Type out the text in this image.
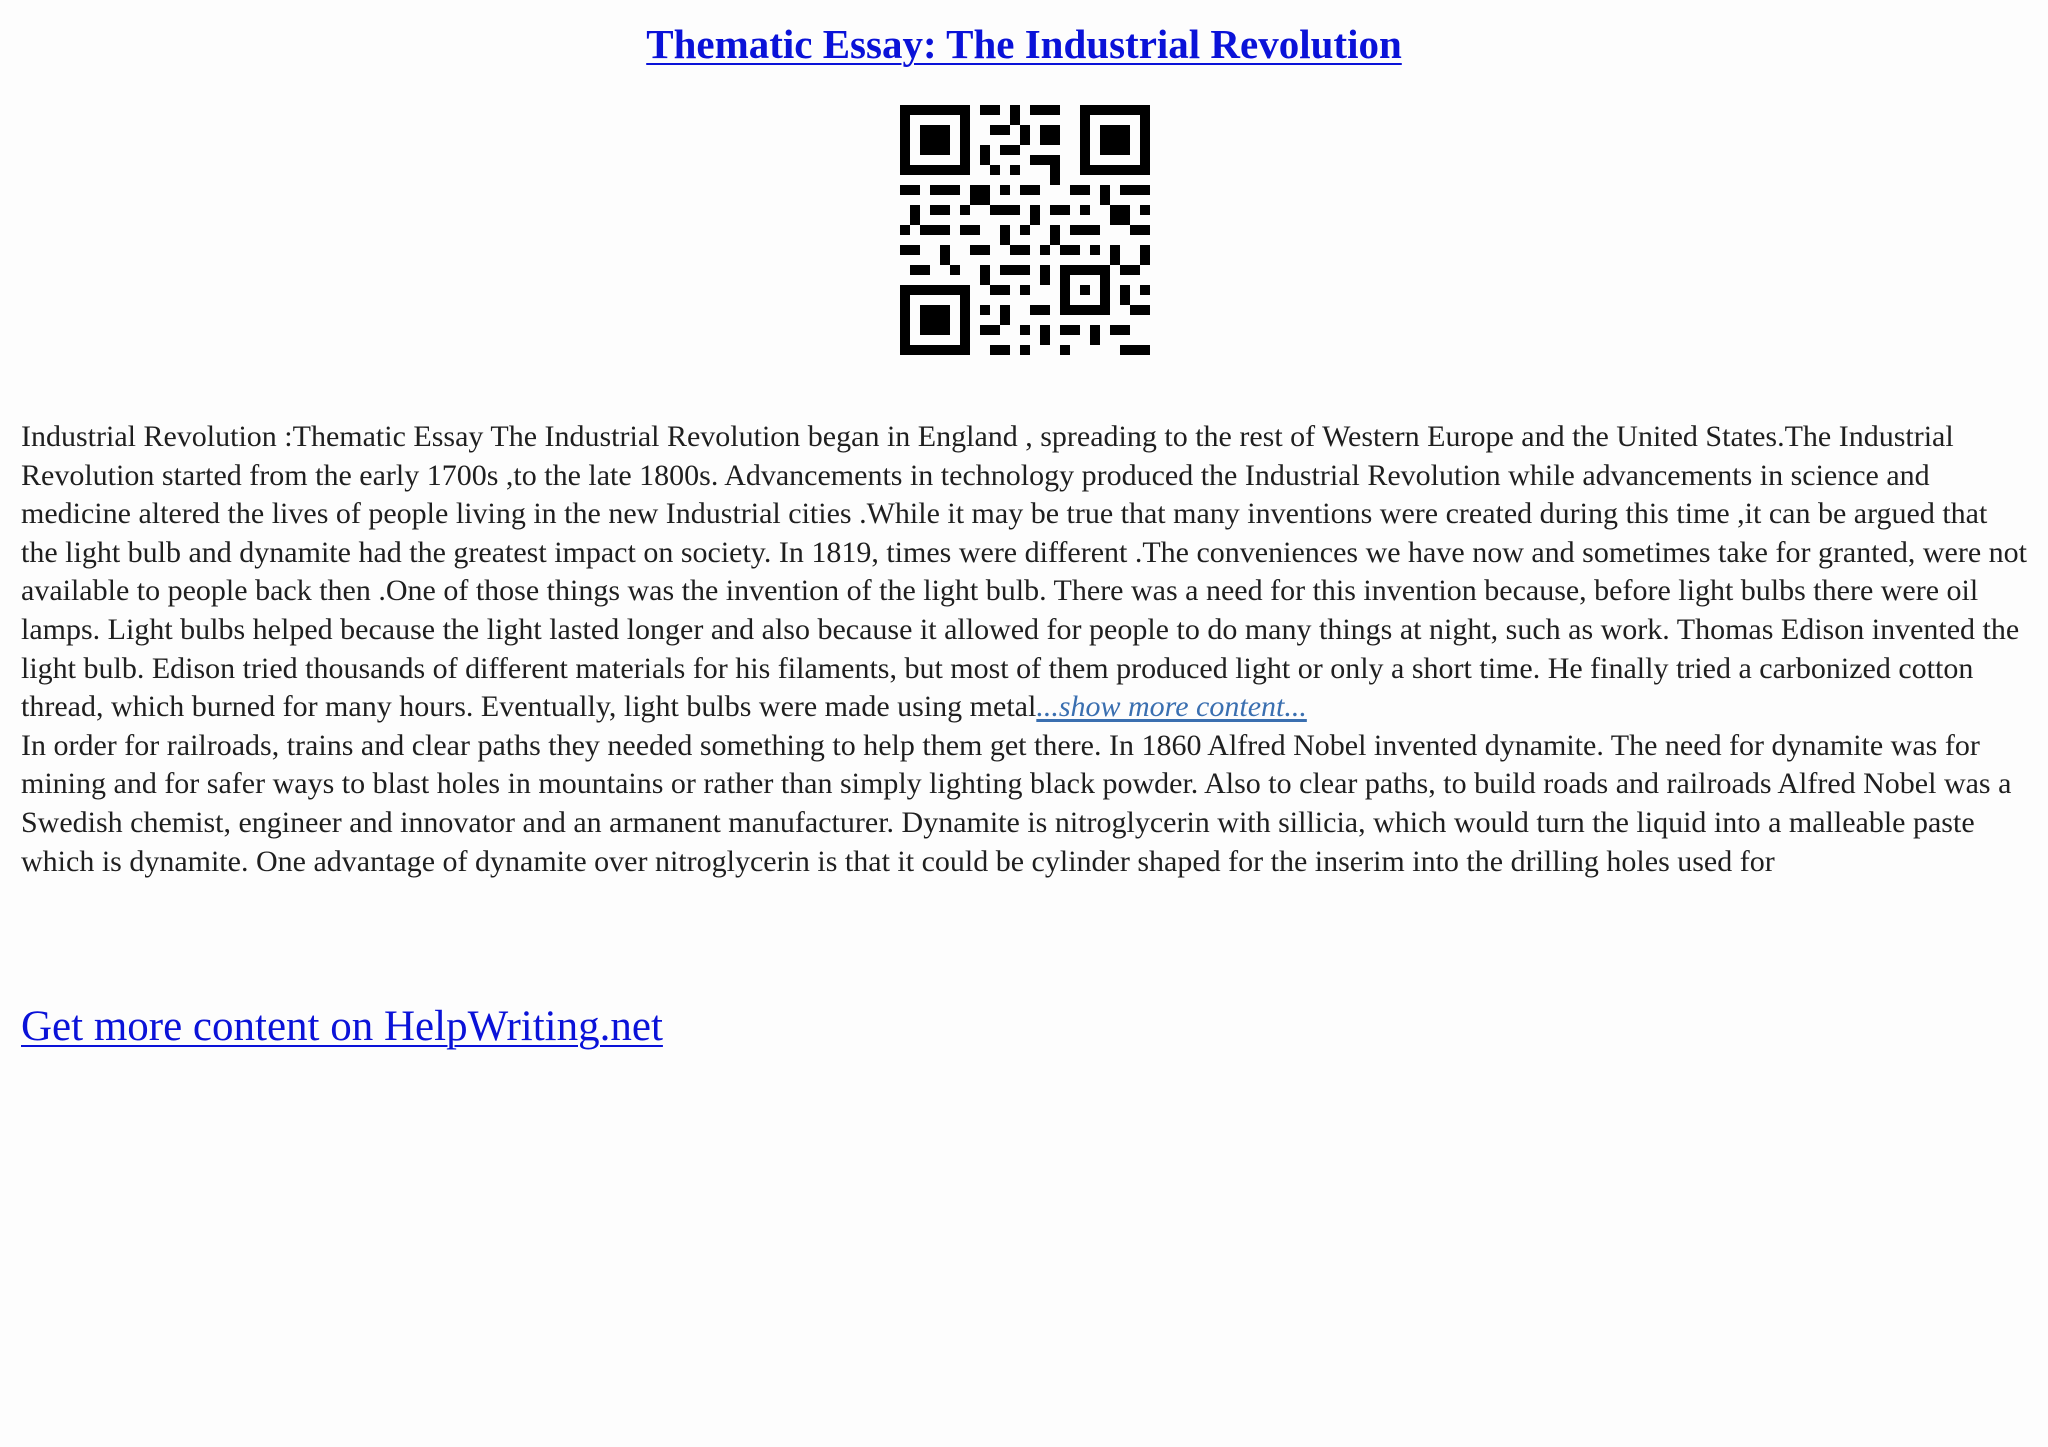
Thematic Essay: The Industrial Revolution

Industrial Revolution :Thematic Essay The Industrial Revolution began in England , spreading to the rest of Western Europe and the United States.The Industrial Revolution started from the early 1700s ,to the late 1800s. Advancements in technology produced the Industrial Revolution while advancements in science and medicine altered the lives of people living in the new Industrial cities .While it may be true that many inventions were created during this time ,it can be argued that the light bulb and dynamite had the greatest impact on society. In 1819, times were different .The conveniences we have now and sometimes take for granted, were not available to people back then .One of those things was the invention of the light bulb. There was a need for this invention because, before light bulbs there were oil lamps. Light bulbs helped because the light lasted longer and also because it allowed for people to do many things at night, such as work. Thomas Edison invented the light bulb. Edison tried thousands of different materials for his filaments, but most of them produced light or only a short time. He finally tried a carbonized cotton thread, which burned for many hours. Eventually, light bulbs were made using metal...show more content...

In order for railroads, trains and clear paths they needed something to help them get there. In 1860 Alfred Nobel invented dynamite. The need for dynamite was for mining and for safer ways to blast holes in mountains or rather than simply lighting black powder. Also to clear paths, to build roads and railroads Alfred Nobel was a Swedish chemist, engineer and innovator and an armanent manufacturer. Dynamite is nitroglycerin with sillicia, which would turn the liquid into a malleable paste which is dynamite. One advantage of dynamite over nitroglycerin is that it could be cylinder shaped for the inserim into the drilling holes used for

Get more content on HelpWriting.net
